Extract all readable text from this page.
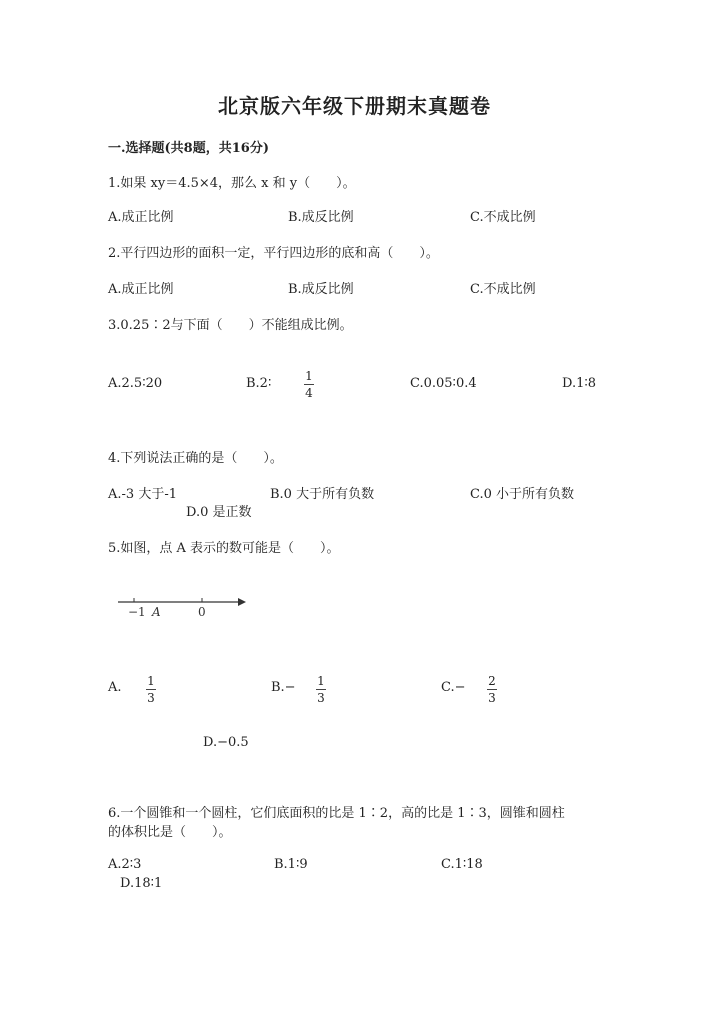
北京版六年级下册期末真题卷
一.选择题(共8题，共16分)
1.如果 xy＝4.5×4，那么 x 和 y（　　）。
A.成正比例	B.成反比例	C.不成比例
2.平行四边形的面积一定，平行四边形的底和高（　　）。
A.成正比例	B.成反比例	C.不成比例
3.0.25∶2与下面（　　）不能组成比例。
A.2.5∶20	B.2∶	1
4
C.0.05∶0.4	D.1∶8
4.下列说法正确的是（　　）。
A.-3 大于-1	B.0 大于所有负数	C.0 小于所有负数
D.0 是正数
5.如图，点 A 表示的数可能是（　　）。
−1 A	0
A. 1
3
B.− 1
3
C.− 2
3
D.−0.5
6.一个圆锥和一个圆柱，它们底面积的比是 1∶2，高的比是 1∶3，圆锥和圆柱
的体积比是（　　）。
A.2∶3	B.1∶9	C.1∶18
D.18∶1
